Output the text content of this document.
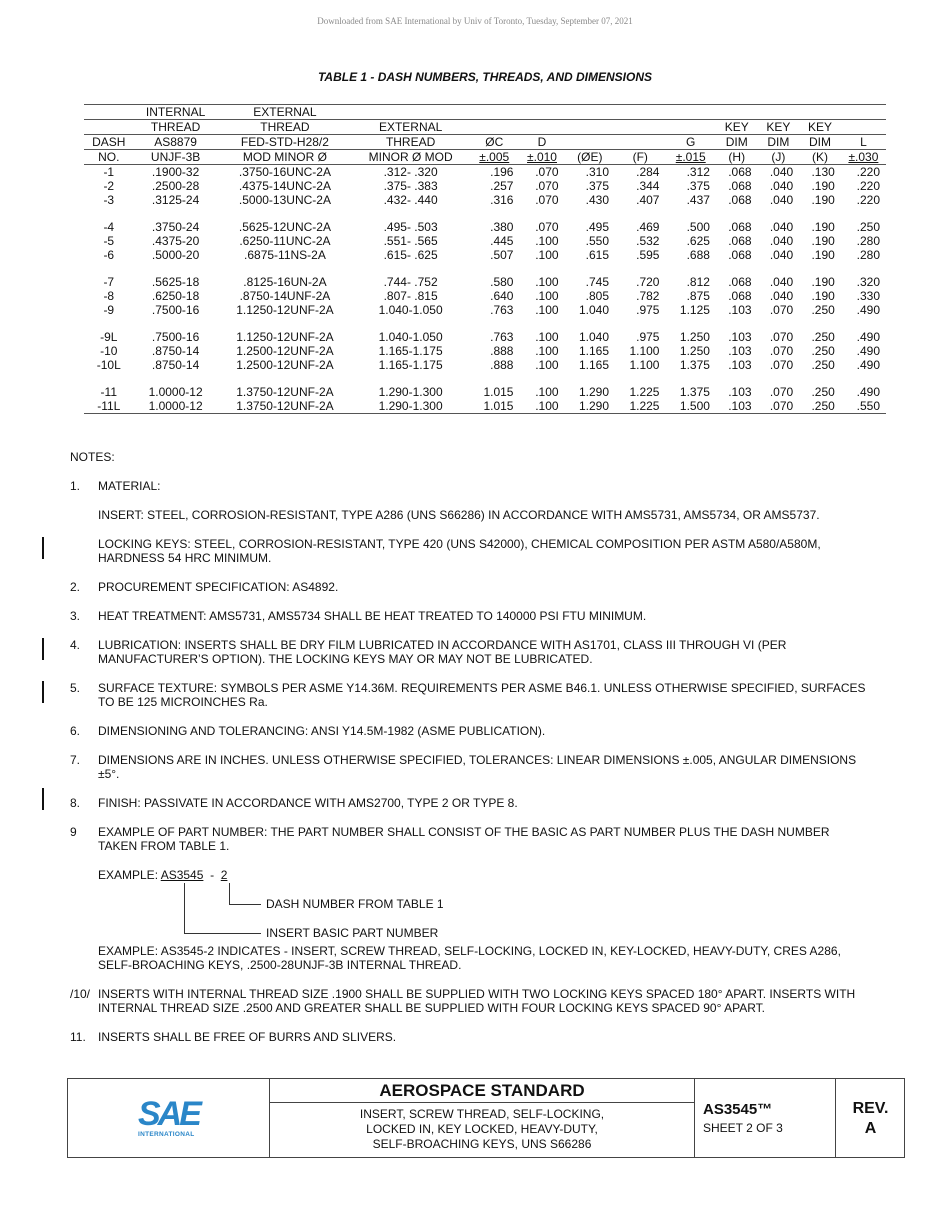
Downloaded from SAE International by Univ of Toronto, Tuesday, September 07, 2021
TABLE 1 - DASH NUMBERS, THREADS, AND DIMENSIONS
	INTERNAL	EXTERNAL										
	THREAD	THREAD	EXTERNAL						KEY	KEY	KEY	
DASH	AS8879	FED-STD-H28/2	THREAD	ØC	D			G	DIM	DIM	DIM	L
NO.	UNJF-3B	MOD MINOR Ø	MINOR Ø MOD	±.005	±.010	(ØE)	(F)	±.015	(H)	(J)	(K)	±.030
-1	.1900-32	.3750-16UNC-2A	.312- .320	.196	.070	.310	.284	.312	.068	.040	.130	.220
-2	.2500-28	.4375-14UNC-2A	.375- .383	.257	.070	.375	.344	.375	.068	.040	.190	.220
-3	.3125-24	.5000-13UNC-2A	.432- .440	.316	.070	.430	.407	.437	.068	.040	.190	.220

-4	.3750-24	.5625-12UNC-2A	.495- .503	.380	.070	.495	.469	.500	.068	.040	.190	.250
-5	.4375-20	.6250-11UNC-2A	.551- .565	.445	.100	.550	.532	.625	.068	.040	.190	.280
-6	.5000-20	.6875-11NS-2A	.615- .625	.507	.100	.615	.595	.688	.068	.040	.190	.280

-7	.5625-18	.8125-16UN-2A	.744- .752	.580	.100	.745	.720	.812	.068	.040	.190	.320
-8	.6250-18	.8750-14UNF-2A	.807- .815	.640	.100	.805	.782	.875	.068	.040	.190	.330
-9	.7500-16	1.1250-12UNF-2A	1.040-1.050	.763	.100	1.040	.975	1.125	.103	.070	.250	.490

-9L	.7500-16	1.1250-12UNF-2A	1.040-1.050	.763	.100	1.040	.975	1.250	.103	.070	.250	.490
-10	.8750-14	1.2500-12UNF-2A	1.165-1.175	.888	.100	1.165	1.100	1.250	.103	.070	.250	.490
-10L	.8750-14	1.2500-12UNF-2A	1.165-1.175	.888	.100	1.165	1.100	1.375	.103	.070	.250	.490

-11	1.0000-12	1.3750-12UNF-2A	1.290-1.300	1.015	.100	1.290	1.225	1.375	.103	.070	.250	.490
-11L	1.0000-12	1.3750-12UNF-2A	1.290-1.300	1.015	.100	1.290	1.225	1.500	.103	.070	.250	.550
NOTES:
1. MATERIAL:
INSERT: STEEL, CORROSION-RESISTANT, TYPE A286 (UNS S66286) IN ACCORDANCE WITH AMS5731, AMS5734, OR AMS5737.
LOCKING KEYS: STEEL, CORROSION-RESISTANT, TYPE 420 (UNS S42000), CHEMICAL COMPOSITION PER ASTM A580/A580M, HARDNESS 54 HRC MINIMUM.
2. PROCUREMENT SPECIFICATION: AS4892.
3. HEAT TREATMENT: AMS5731, AMS5734 SHALL BE HEAT TREATED TO 140000 PSI FTU MINIMUM.
4. LUBRICATION: INSERTS SHALL BE DRY FILM LUBRICATED IN ACCORDANCE WITH AS1701, CLASS III THROUGH VI (PER MANUFACTURER’S OPTION). THE LOCKING KEYS MAY OR MAY NOT BE LUBRICATED.
5. SURFACE TEXTURE: SYMBOLS PER ASME Y14.36M. REQUIREMENTS PER ASME B46.1. UNLESS OTHERWISE SPECIFIED, SURFACES TO BE 125 MICROINCHES Ra.
6. DIMENSIONING AND TOLERANCING: ANSI Y14.5M-1982 (ASME PUBLICATION).
7. DIMENSIONS ARE IN INCHES. UNLESS OTHERWISE SPECIFIED, TOLERANCES: LINEAR DIMENSIONS ±.005, ANGULAR DIMENSIONS ±5°.
8. FINISH: PASSIVATE IN ACCORDANCE WITH AMS2700, TYPE 2 OR TYPE 8.
9 EXAMPLE OF PART NUMBER: THE PART NUMBER SHALL CONSIST OF THE BASIC AS PART NUMBER PLUS THE DASH NUMBER TAKEN FROM TABLE 1.
EXAMPLE: AS3545  -  2
DASH NUMBER FROM TABLE 1
INSERT BASIC PART NUMBER
EXAMPLE: AS3545-2 INDICATES - INSERT, SCREW THREAD, SELF-LOCKING, LOCKED IN, KEY-LOCKED, HEAVY-DUTY, CRES A286, SELF-BROACHING KEYS, .2500-28UNJF-3B INTERNAL THREAD.
/10/ INSERTS WITH INTERNAL THREAD SIZE .1900 SHALL BE SUPPLIED WITH TWO LOCKING KEYS SPACED 180° APART. INSERTS WITH INTERNAL THREAD SIZE .2500 AND GREATER SHALL BE SUPPLIED WITH FOUR LOCKING KEYS SPACED 90° APART.
11. INSERTS SHALL BE FREE OF BURRS AND SLIVERS.
SAE
INTERNATIONAL
AEROSPACE STANDARD
INSERT, SCREW THREAD, SELF-LOCKING,
LOCKED IN, KEY LOCKED, HEAVY-DUTY,
SELF-BROACHING KEYS, UNS S66286
AS3545™
SHEET 2 OF 3
REV.
A
